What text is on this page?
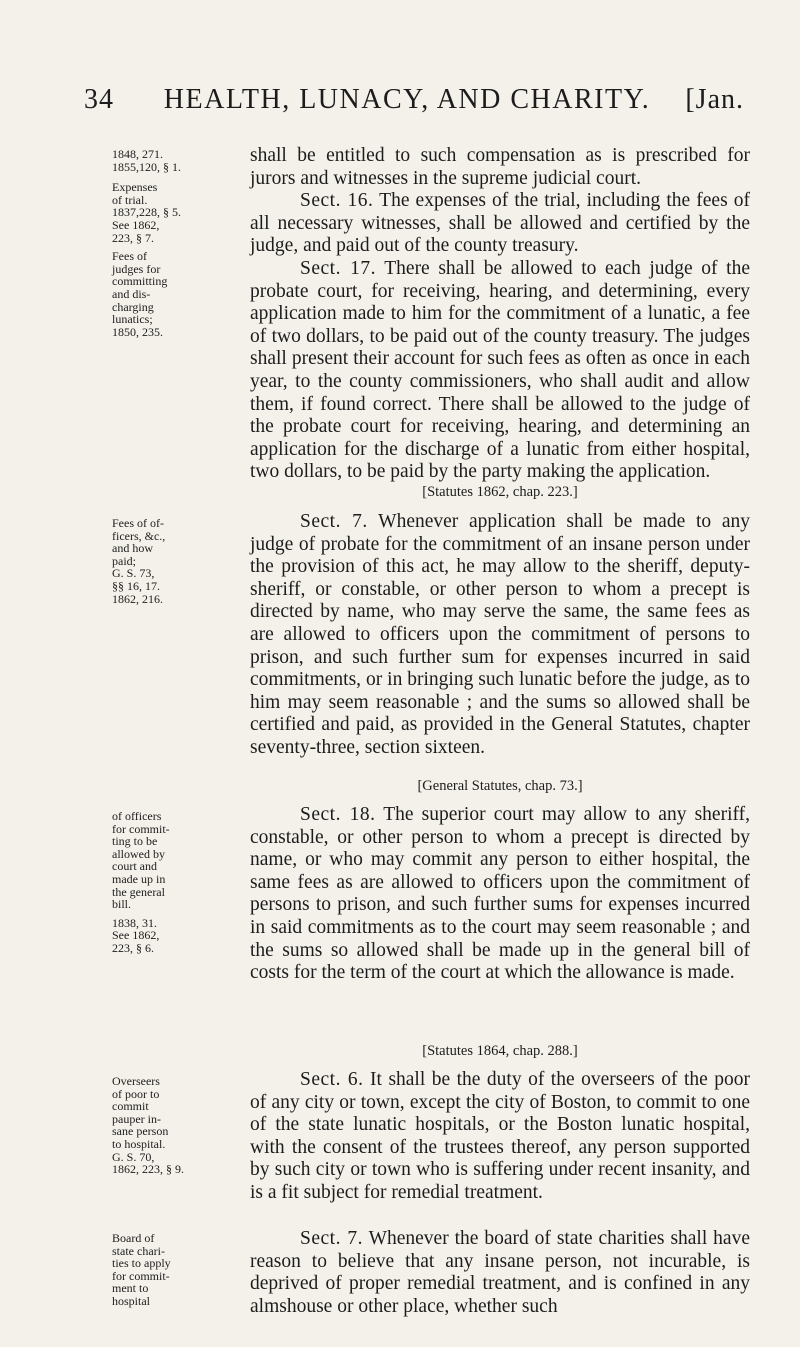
34	HEALTH, LUNACY, AND CHARITY.	[Jan.
1848, 271.
1855,120, § 1.
Expenses
of trial.
1837,228, § 5.
See 1862,
223, § 7.
Fees of
judges for
committing
and dis-
charging
lunatics;
1850, 235.

shall be entitled to such compensation as is prescribed for jurors and witnesses in the supreme judicial court.

Sect. 16. The expenses of the trial, including the fees of all necessary witnesses, shall be allowed and certified by the judge, and paid out of the county treasury.

Sect. 17. There shall be allowed to each judge of the probate court, for receiving, hearing, and determining, every application made to him for the commitment of a lunatic, a fee of two dollars, to be paid out of the county treasury. The judges shall present their account for such fees as often as once in each year, to the county commissioners, who shall audit and allow them, if found correct. There shall be allowed to the judge of the probate court for receiving, hearing, and determining an application for the discharge of a lunatic from either hospital, two dollars, to be paid by the party making the application.

[Statutes 1862, chap. 223.]
Fees of of-
ficers, &c.,
and how
paid;
G. S. 73,
§§ 16, 17.
1862, 216.

Sect. 7. Whenever application shall be made to any judge of probate for the commitment of an insane person under the provision of this act, he may allow to the sheriff, deputy-sheriff, or constable, or other person to whom a precept is directed by name, who may serve the same, the same fees as are allowed to officers upon the commitment of persons to prison, and such further sum for expenses incurred in said commitments, or in bringing such lunatic before the judge, as to him may seem reasonable ; and the sums so allowed shall be certified and paid, as provided in the General Statutes, chapter seventy-three, section sixteen.

[General Statutes, chap. 73.]
of officers
for commit-
ting to be
allowed by
court and
made up in
the general
bill.
1838, 31.
See 1862,
223, § 6.

Sect. 18. The superior court may allow to any sheriff, constable, or other person to whom a precept is directed by name, or who may commit any person to either hospital, the same fees as are allowed to officers upon the commitment of persons to prison, and such further sums for expenses incurred in said commitments as to the court may seem reasonable ; and the sums so allowed shall be made up in the general bill of costs for the term of the court at which the allowance is made.

[Statutes 1864, chap. 288.]
Overseers
of poor to
commit
pauper in-
sane person
to hospital.
G. S. 70,
1862, 223, § 9.

Sect. 6. It shall be the duty of the overseers of the poor of any city or town, except the city of Boston, to commit to one of the state lunatic hospitals, or the Boston lunatic hospital, with the consent of the trustees thereof, any person supported by such city or town who is suffering under recent insanity, and is a fit subject for remedial treatment.

Board of
state chari-
ties to apply
for commit-
ment to
hospital

Sect. 7. Whenever the board of state charities shall have reason to believe that any insane person, not incurable, is deprived of proper remedial treatment, and is confined in any almshouse or other place, whether such
